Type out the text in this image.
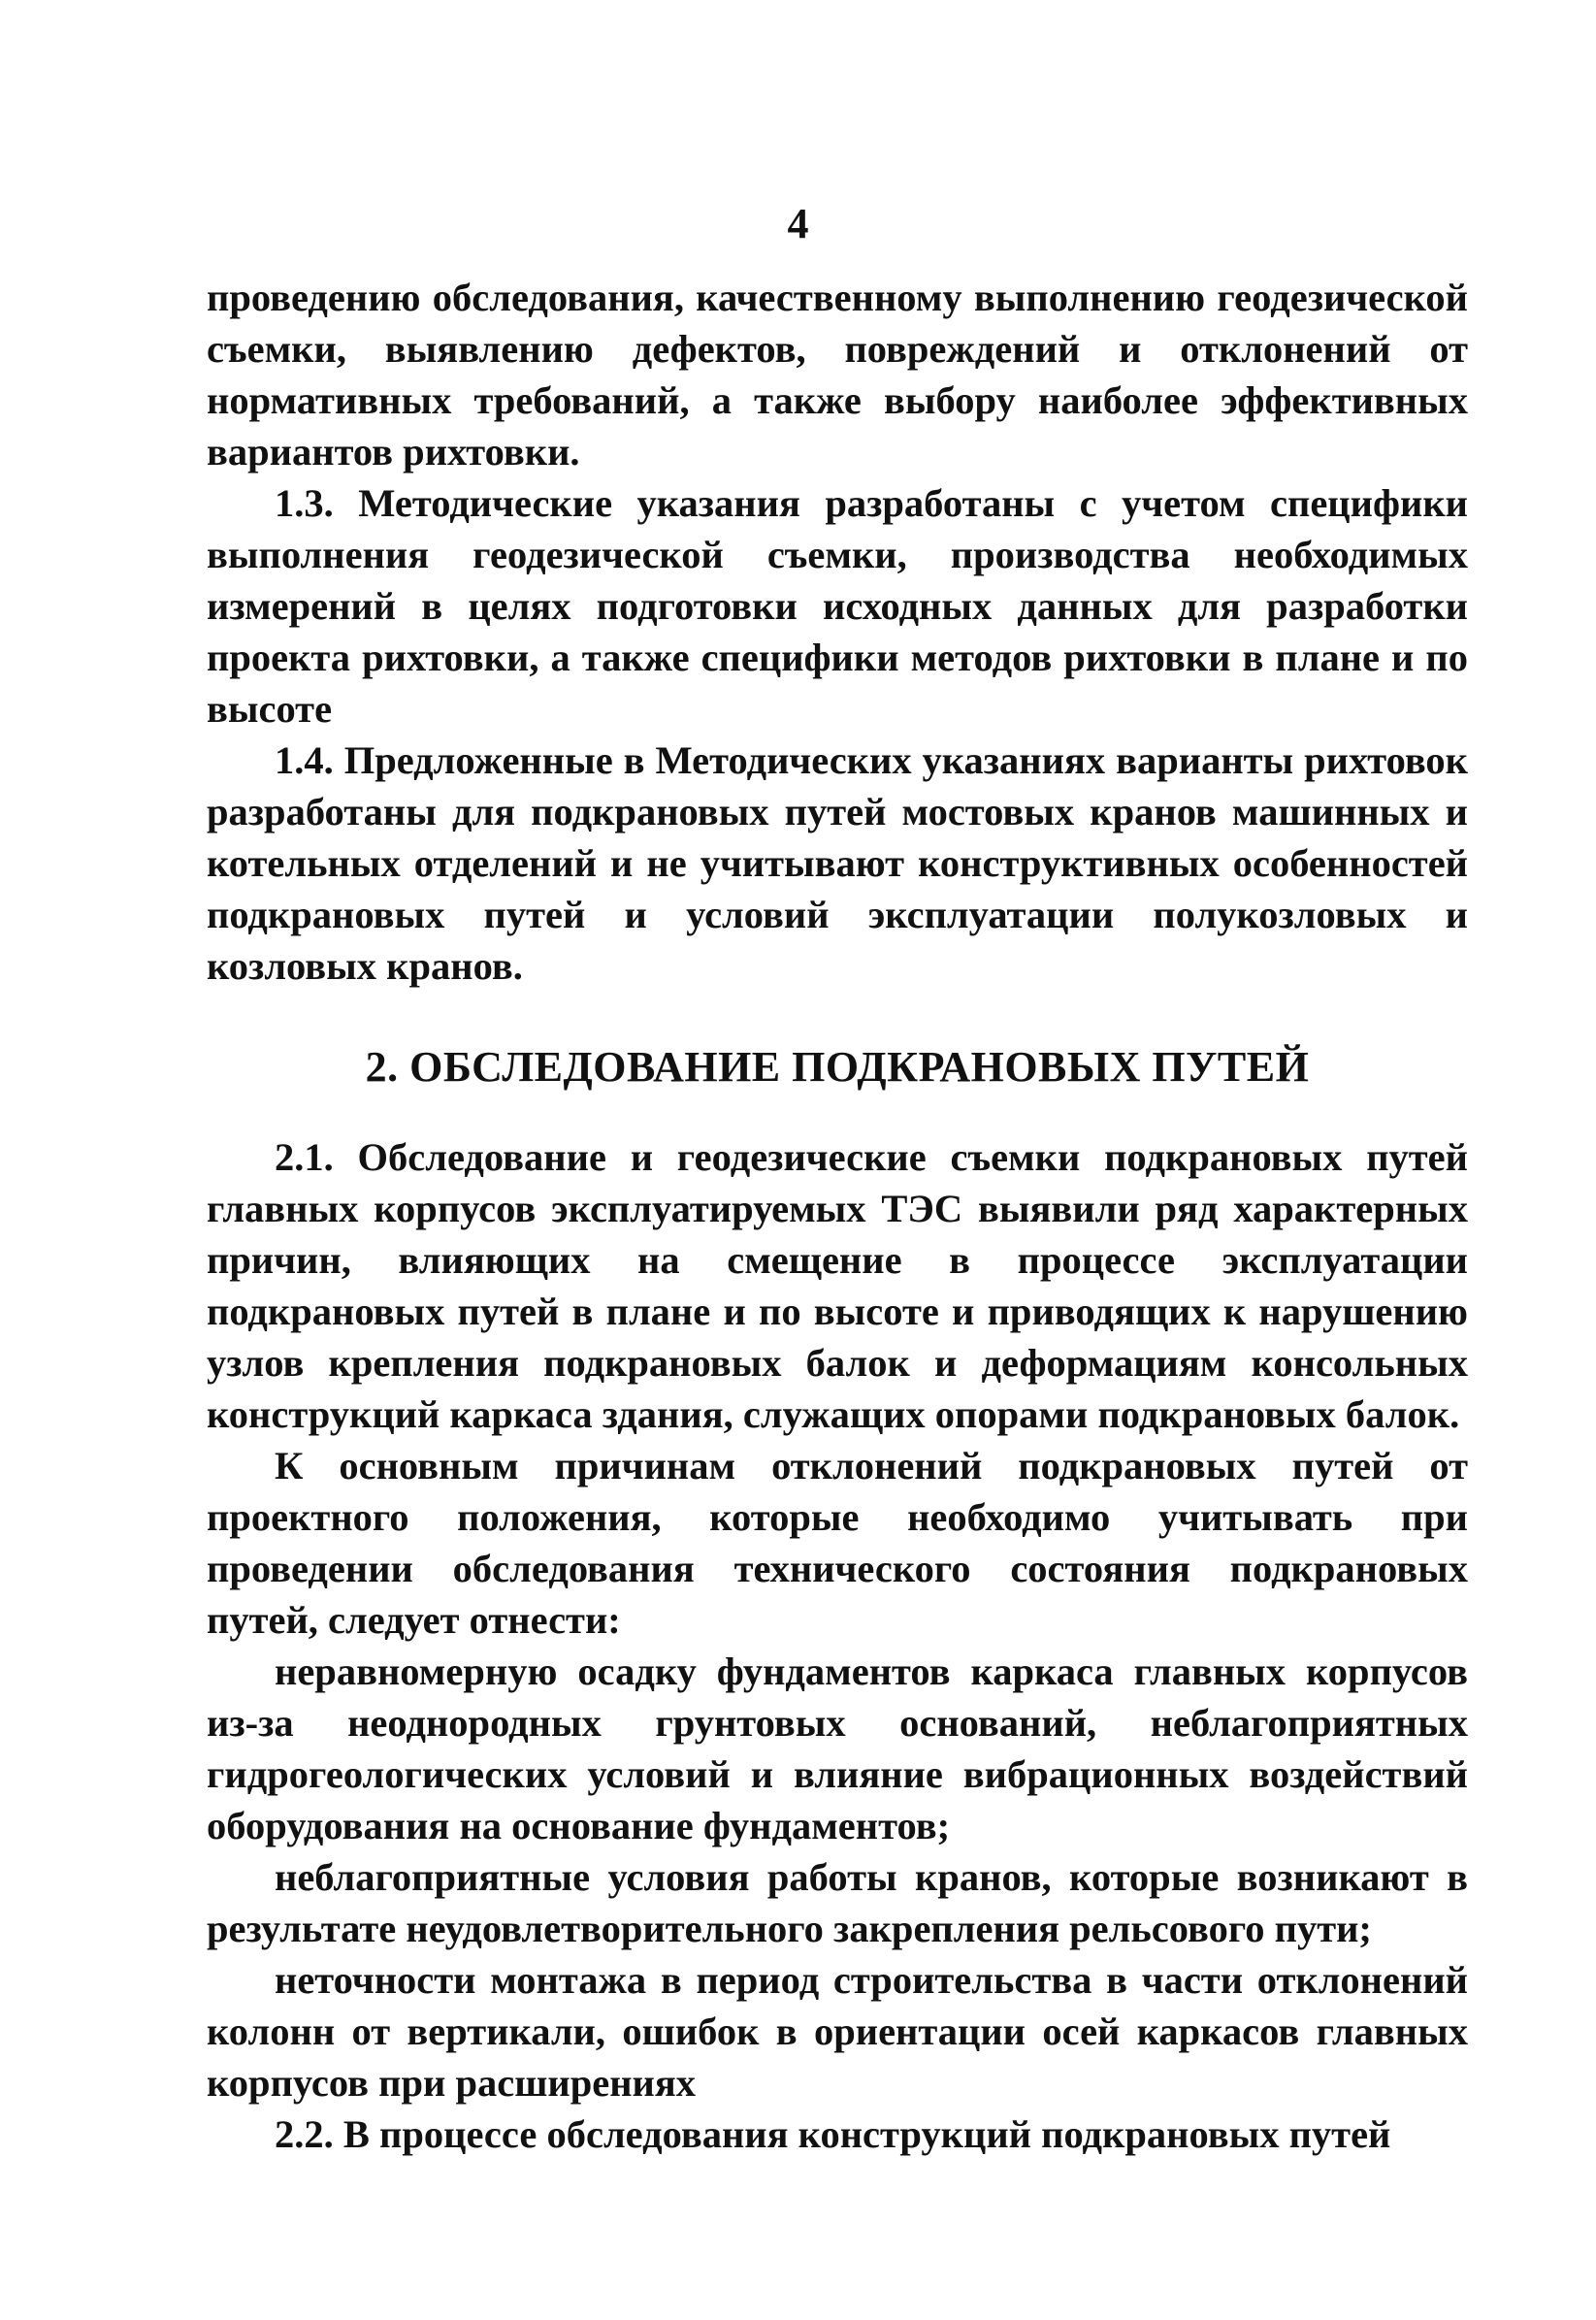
4

проведению обследования, качественному выполнению геодезической съемки, выявлению дефектов, повреждений и отклонений от нормативных требований, а также выбору наиболее эффективных вариантов рихтовки.

1.3. Методические указания разработаны с учетом специфики выполнения геодезической съемки, производства необходимых измерений в целях подготовки исходных данных для разработки проекта рихтовки, а также специфики методов рихтовки в плане и по высоте

1.4. Предложенные в Методических указаниях варианты рихтовок разработаны для подкрановых путей мостовых кранов машинных и котельных отделений и не учитывают конструктивных особенностей подкрановых путей и условий эксплуатации полукозловых и козловых кранов.

2. ОБСЛЕДОВАНИЕ ПОДКРАНОВЫХ ПУТЕЙ

2.1. Обследование и геодезические съемки подкрановых путей главных корпусов эксплуатируемых ТЭС выявили ряд характерных причин, влияющих на смещение в процессе эксплуатации подкрановых путей в плане и по высоте и приводящих к нарушению узлов крепления подкрановых балок и деформациям консольных конструкций каркаса здания, служащих опорами подкрановых балок.

К основным причинам отклонений подкрановых путей от проектного положения, которые необходимо учитывать при проведении обследования технического состояния подкрановых путей, следует отнести:

неравномерную осадку фундаментов каркаса главных корпусов из-за неоднородных грунтовых оснований, неблагоприятных гидрогеологических условий и влияние вибрационных воздействий оборудования на основание фундаментов;

неблагоприятные условия работы кранов, которые возникают в результате неудовлетворительного закрепления рельсового пути;

неточности монтажа в период строительства в части отклонений колонн от вертикали, ошибок в ориентации осей каркасов главных корпусов при расширениях

2.2. В процессе обследования конструкций подкрановых путей
